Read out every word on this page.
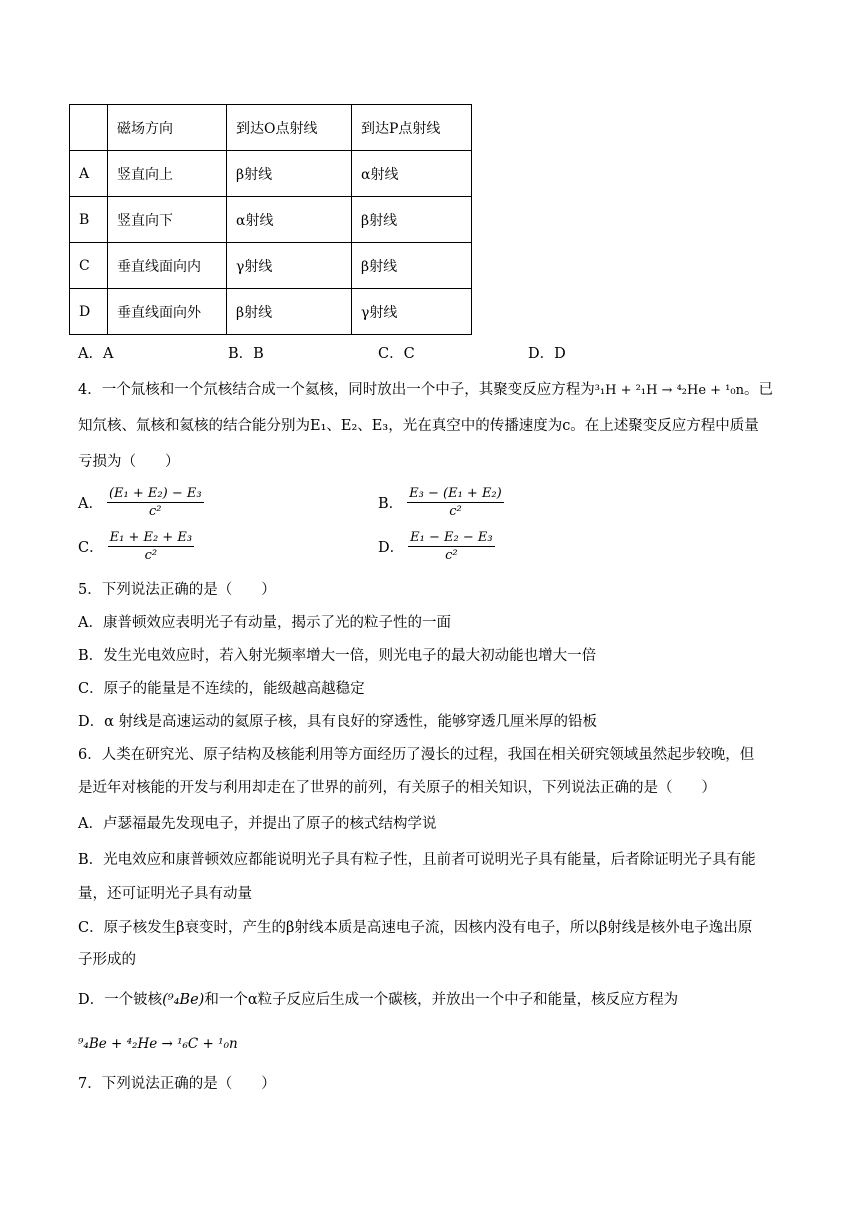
	磁场方向	到达O点射线	到达P点射线
A	竖直向上	β射线	α射线
B	竖直向下	α射线	β射线
C	垂直线面向内	γ射线	β射线
D	垂直线面向外	β射线	γ射线
A．A	B．B	C．C	D．D
4．一个氚核和一个氘核结合成一个氦核，同时放出一个中子，其聚变反应方程为³₁H + ²₁H → ⁴₂He + ¹₀n。已
知氘核、氚核和氦核的结合能分别为E₁、E₂、E₃，光在真空中的传播速度为c。在上述聚变反应方程中质量
亏损为（　　）
A． $\frac{\text{(E₁ + E₂) − E₃}}{\text{c²}}$	B． $\frac{\text{E₃ − (E₁ + E₂)}}{\text{c²}}$
C． $\frac{\text{E₁ + E₂ + E₃}}{\text{c²}}$	D． $\frac{\text{E₁ − E₂ − E₃}}{\text{c²}}$
5．下列说法正确的是（　　）
A．康普顿效应表明光子有动量，揭示了光的粒子性的一面
B．发生光电效应时，若入射光频率增大一倍，则光电子的最大初动能也增大一倍
C．原子的能量是不连续的，能级越高越稳定
D．α 射线是高速运动的氦原子核，具有良好的穿透性，能够穿透几厘米厚的铅板
6．人类在研究光、原子结构及核能利用等方面经历了漫长的过程，我国在相关研究领域虽然起步较晚，但
是近年对核能的开发与利用却走在了世界的前列，有关原子的相关知识，下列说法正确的是（　　）
A．卢瑟福最先发现电子，并提出了原子的核式结构学说
B．光电效应和康普顿效应都能说明光子具有粒子性，且前者可说明光子具有能量，后者除证明光子具有能
量，还可证明光子具有动量
C．原子核发生β衰变时，产生的β射线本质是高速电子流，因核内没有电子，所以β射线是核外电子逸出原
子形成的
D．一个铍核(⁹₄Be)和一个α粒子反应后生成一个碳核，并放出一个中子和能量，核反应方程为
⁹₄Be + ⁴₂He → ¹₆C + ¹₀n
7．下列说法正确的是（　　）
